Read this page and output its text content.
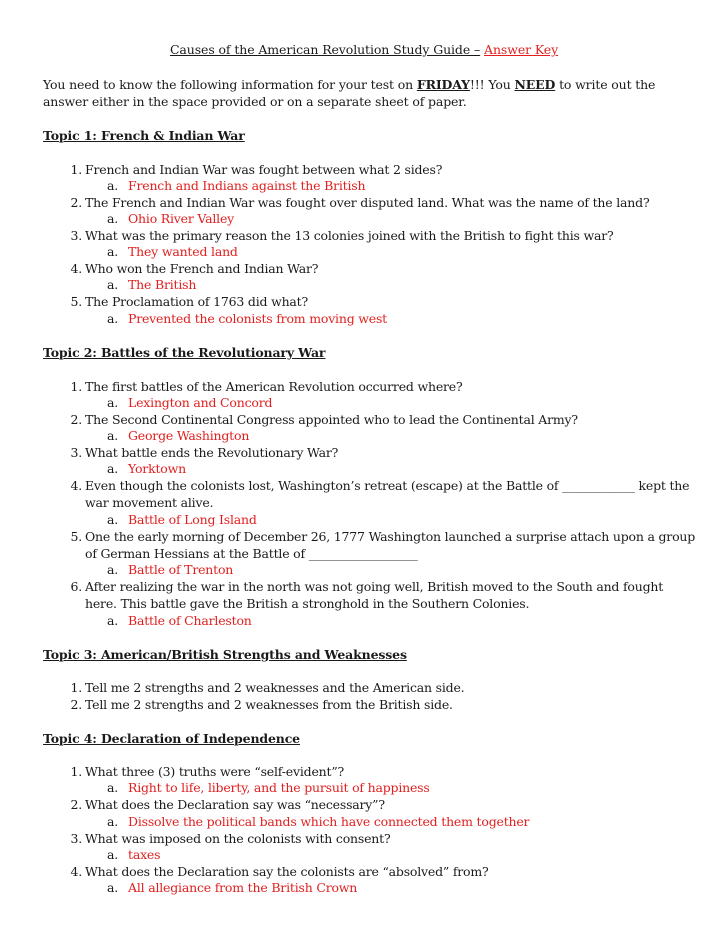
Causes of the American Revolution Study Guide – Answer Key
You need to know the following information for your test on FRIDAY!!! You NEED to write out the
answer either in the space provided or on a separate sheet of paper.
Topic 1: French & Indian War
1. French and Indian War was fought between what 2 sides?
a. French and Indians against the British
2. The French and Indian War was fought over disputed land. What was the name of the land?
a. Ohio River Valley
3. What was the primary reason the 13 colonies joined with the British to fight this war?
a. They wanted land
4. Who won the French and Indian War?
a. The British
5. The Proclamation of 1763 did what?
a. Prevented the colonists from moving west
Topic 2: Battles of the Revolutionary War
1. The first battles of the American Revolution occurred where?
a. Lexington and Concord
2. The Second Continental Congress appointed who to lead the Continental Army?
a. George Washington
3. What battle ends the Revolutionary War?
a. Yorktown
4. Even though the colonists lost, Washington’s retreat (escape) at the Battle of ____________ kept the
war movement alive.
a. Battle of Long Island
5. One the early morning of December 26, 1777 Washington launched a surprise attach upon a group
of German Hessians at the Battle of __________________
a. Battle of Trenton
6. After realizing the war in the north was not going well, British moved to the South and fought
here. This battle gave the British a stronghold in the Southern Colonies.
a. Battle of Charleston
Topic 3: American/British Strengths and Weaknesses
1. Tell me 2 strengths and 2 weaknesses and the American side.
2. Tell me 2 strengths and 2 weaknesses from the British side.
Topic 4: Declaration of Independence
1. What three (3) truths were “self-evident”?
a. Right to life, liberty, and the pursuit of happiness
2. What does the Declaration say was “necessary”?
a. Dissolve the political bands which have connected them together
3. What was imposed on the colonists with consent?
a. taxes
4. What does the Declaration say the colonists are “absolved” from?
a. All allegiance from the British Crown
